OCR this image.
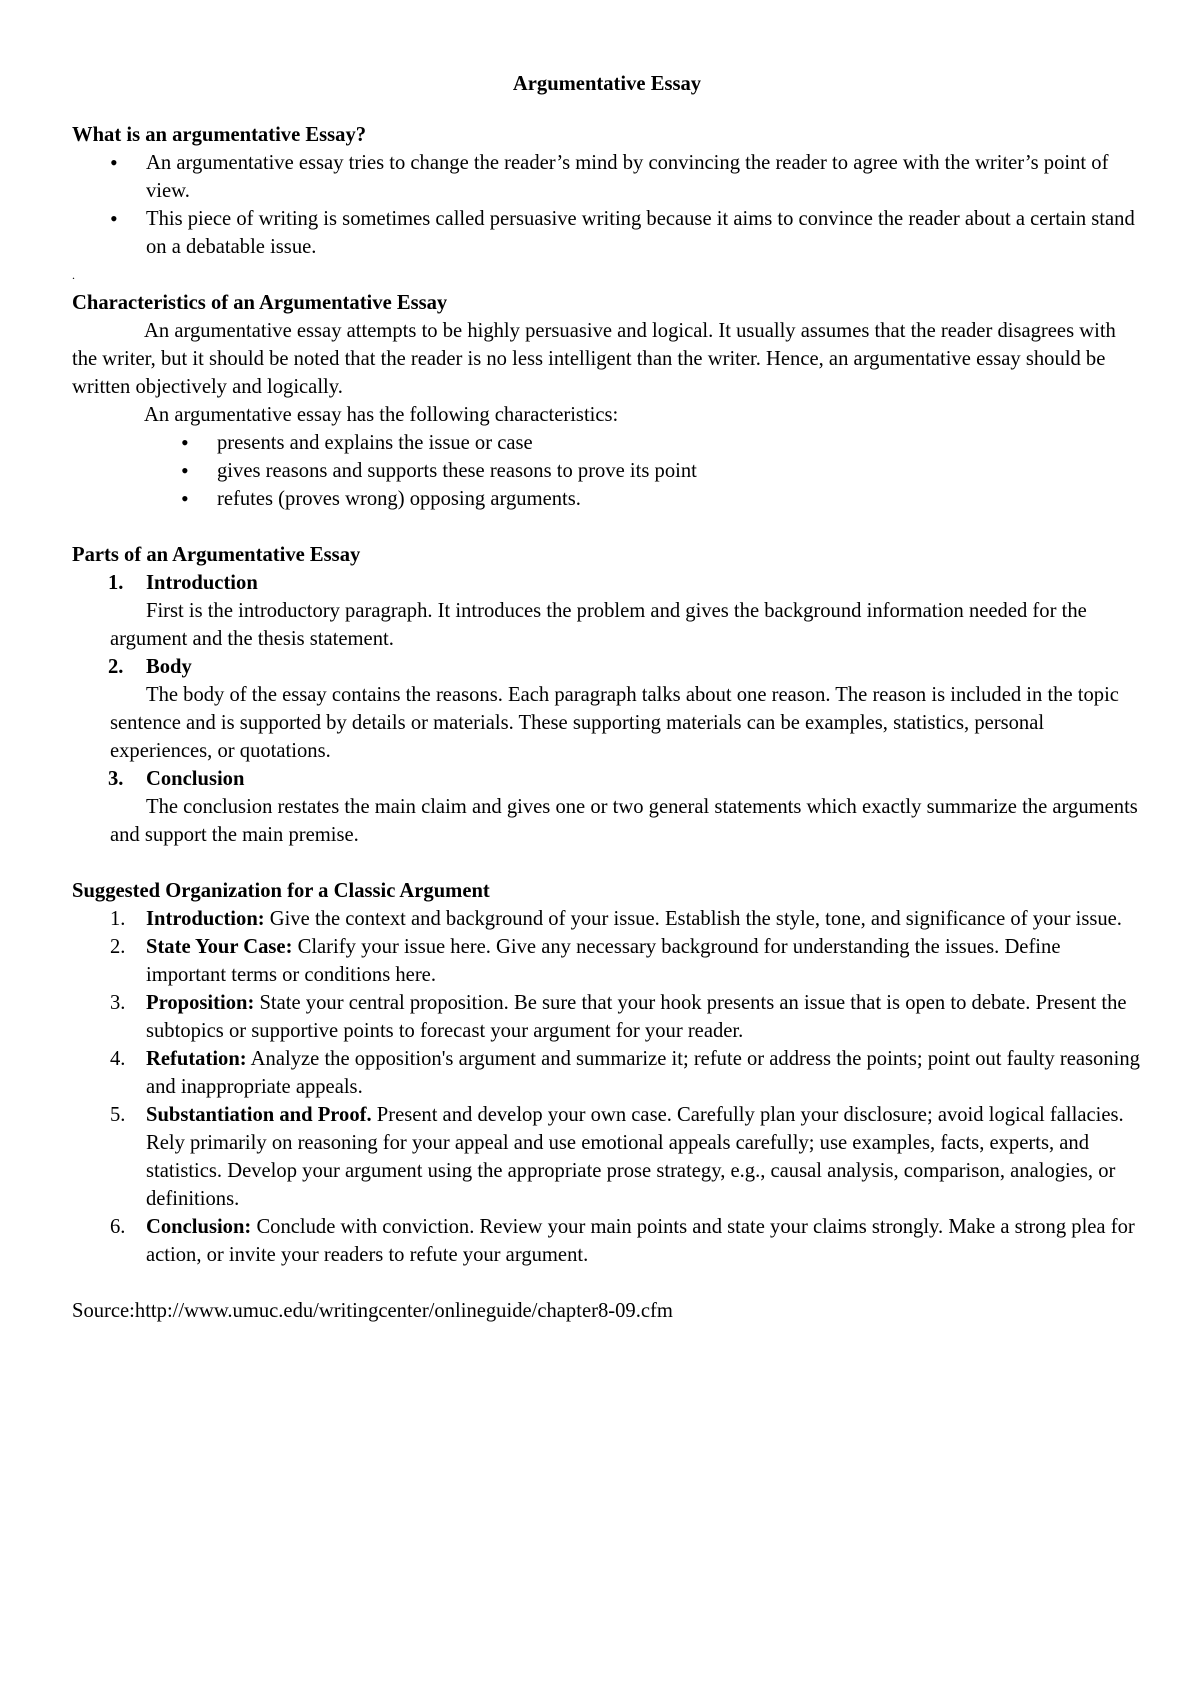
Argumentative Essay

What is an argumentative Essay?

• An argumentative essay tries to change the reader’s mind by convincing the reader to agree with the writer’s point of view.
• This piece of writing is sometimes called persuasive writing because it aims to convince the reader about a certain stand on a debatable issue.

.

Characteristics of an Argumentative Essay

An argumentative essay attempts to be highly persuasive and logical. It usually assumes that the reader disagrees with the writer, but it should be noted that the reader is no less intelligent than the writer. Hence, an argumentative essay should be written objectively and logically.

An argumentative essay has the following characteristics:

• presents and explains the issue or case
• gives reasons and supports these reasons to prove its point
• refutes (proves wrong) opposing arguments.

Parts of an Argumentative Essay

1.	Introduction
First is the introductory paragraph. It introduces the problem and gives the background information needed for the argument and the thesis statement.
2.	Body
The body of the essay contains the reasons. Each paragraph talks about one reason. The reason is included in the topic sentence and is supported by details or materials. These supporting materials can be examples, statistics, personal experiences, or quotations.
3.	Conclusion
The conclusion restates the main claim and gives one or two general statements which exactly summarize the arguments and support the main premise.

Suggested Organization for a Classic Argument

1. Introduction: Give the context and background of your issue. Establish the style, tone, and significance of your issue.
2. State Your Case: Clarify your issue here. Give any necessary background for understanding the issues. Define important terms or conditions here.
3. Proposition: State your central proposition. Be sure that your hook presents an issue that is open to debate. Present the subtopics or supportive points to forecast your argument for your reader.
4. Refutation: Analyze the opposition's argument and summarize it; refute or address the points; point out faulty reasoning and inappropriate appeals.
5. Substantiation and Proof. Present and develop your own case. Carefully plan your disclosure; avoid logical fallacies. Rely primarily on reasoning for your appeal and use emotional appeals carefully; use examples, facts, experts, and statistics. Develop your argument using the appropriate prose strategy, e.g., causal analysis, comparison, analogies, or definitions.
6. Conclusion: Conclude with conviction. Review your main points and state your claims strongly. Make a strong plea for action, or invite your readers to refute your argument.

Source:http://www.umuc.edu/writingcenter/onlineguide/chapter8-09.cfm
